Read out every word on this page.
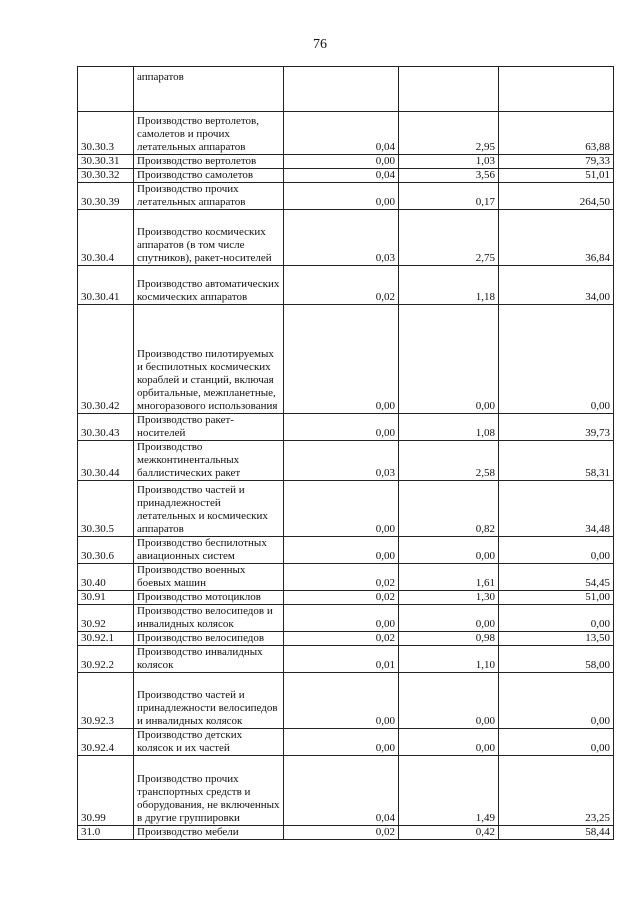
76
	аппаратов			
30.30.3	Производство вертолетов, самолетов и прочих летательных аппаратов	0,04	2,95	63,88
30.30.31	Производство вертолетов	0,00	1,03	79,33
30.30.32	Производство самолетов	0,04	3,56	51,01
30.30.39	Производство прочих летательных аппаратов	0,00	0,17	264,50
30.30.4	Производство космических аппаратов (в том числе спутников), ракет-носителей	0,03	2,75	36,84
30.30.41	Производство автоматических космических аппаратов	0,02	1,18	34,00
30.30.42	Производство пилотируемых и беспилотных космических кораблей и станций, включая орбитальные, межпланетные, многоразового использования	0,00	0,00	0,00
30.30.43	Производство ракет-носителей	0,00	1,08	39,73
30.30.44	Производство межконтинентальных баллистических ракет	0,03	2,58	58,31
30.30.5	Производство частей и принадлежностей летательных и космических аппаратов	0,00	0,82	34,48
30.30.6	Производство беспилотных авиационных систем	0,00	0,00	0,00
30.40	Производство военных боевых машин	0,02	1,61	54,45
30.91	Производство мотоциклов	0,02	1,30	51,00
30.92	Производство велосипедов и инвалидных колясок	0,00	0,00	0,00
30.92.1	Производство велосипедов	0,02	0,98	13,50
30.92.2	Производство инвалидных колясок	0,01	1,10	58,00
30.92.3	Производство частей и принадлежности велосипедов и инвалидных колясок	0,00	0,00	0,00
30.92.4	Производство детских колясок и их частей	0,00	0,00	0,00
30.99	Производство прочих транспортных средств и оборудования, не включенных в другие группировки	0,04	1,49	23,25
31.0	Производство мебели	0,02	0,42	58,44
